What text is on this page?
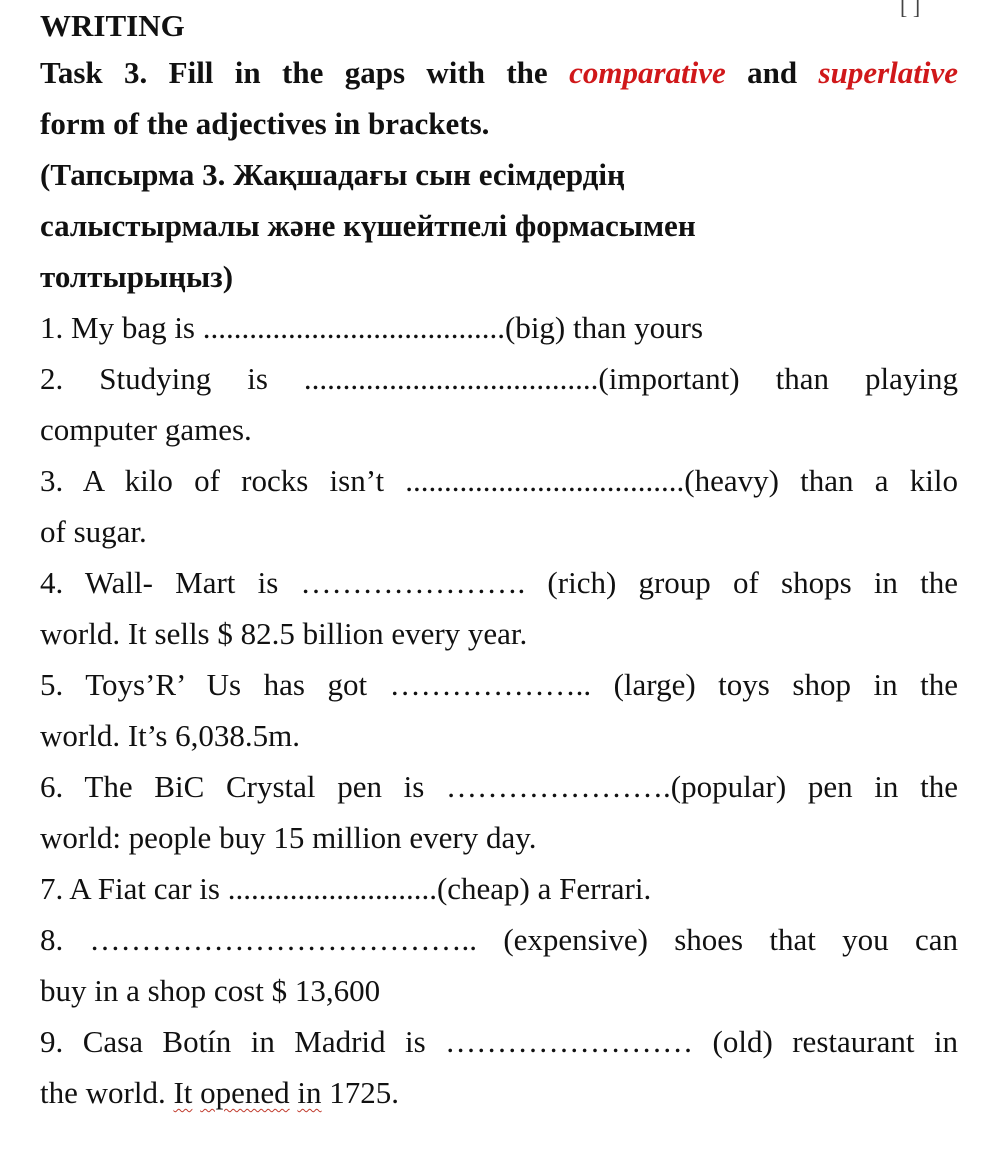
[ ]
WRITING
Task 3. Fill in the gaps with the comparative and superlative
form of the adjectives in brackets.
(Тапсырма 3. Жақшадағы сын есімдердің
салыстырмалы және күшейтпелі формасымен
толтырыңыз)
1. My bag is .......................................(big) than yours
2. Studying is ......................................(important) than playing
computer games.
3. A kilo of rocks isn’t ....................................(heavy) than a kilo
of sugar.
4. Wall- Mart is …………………. (rich) group of shops in the
world. It sells $ 82.5 billion every year.
5. Toys’R’ Us has got ……………….. (large) toys shop in the
world. It’s 6,038.5m.
6. The BiC Crystal pen is ………………….(popular) pen in the
world: people buy 15 million every day.
7. A Fiat car is ...........................(cheap) a Ferrari.
8. ……………………………….. (expensive) shoes that you can
buy in a shop cost $ 13,600
9. Casa Botín in Madrid is …………………… (old) restaurant in
the world. It opened in 1725.
